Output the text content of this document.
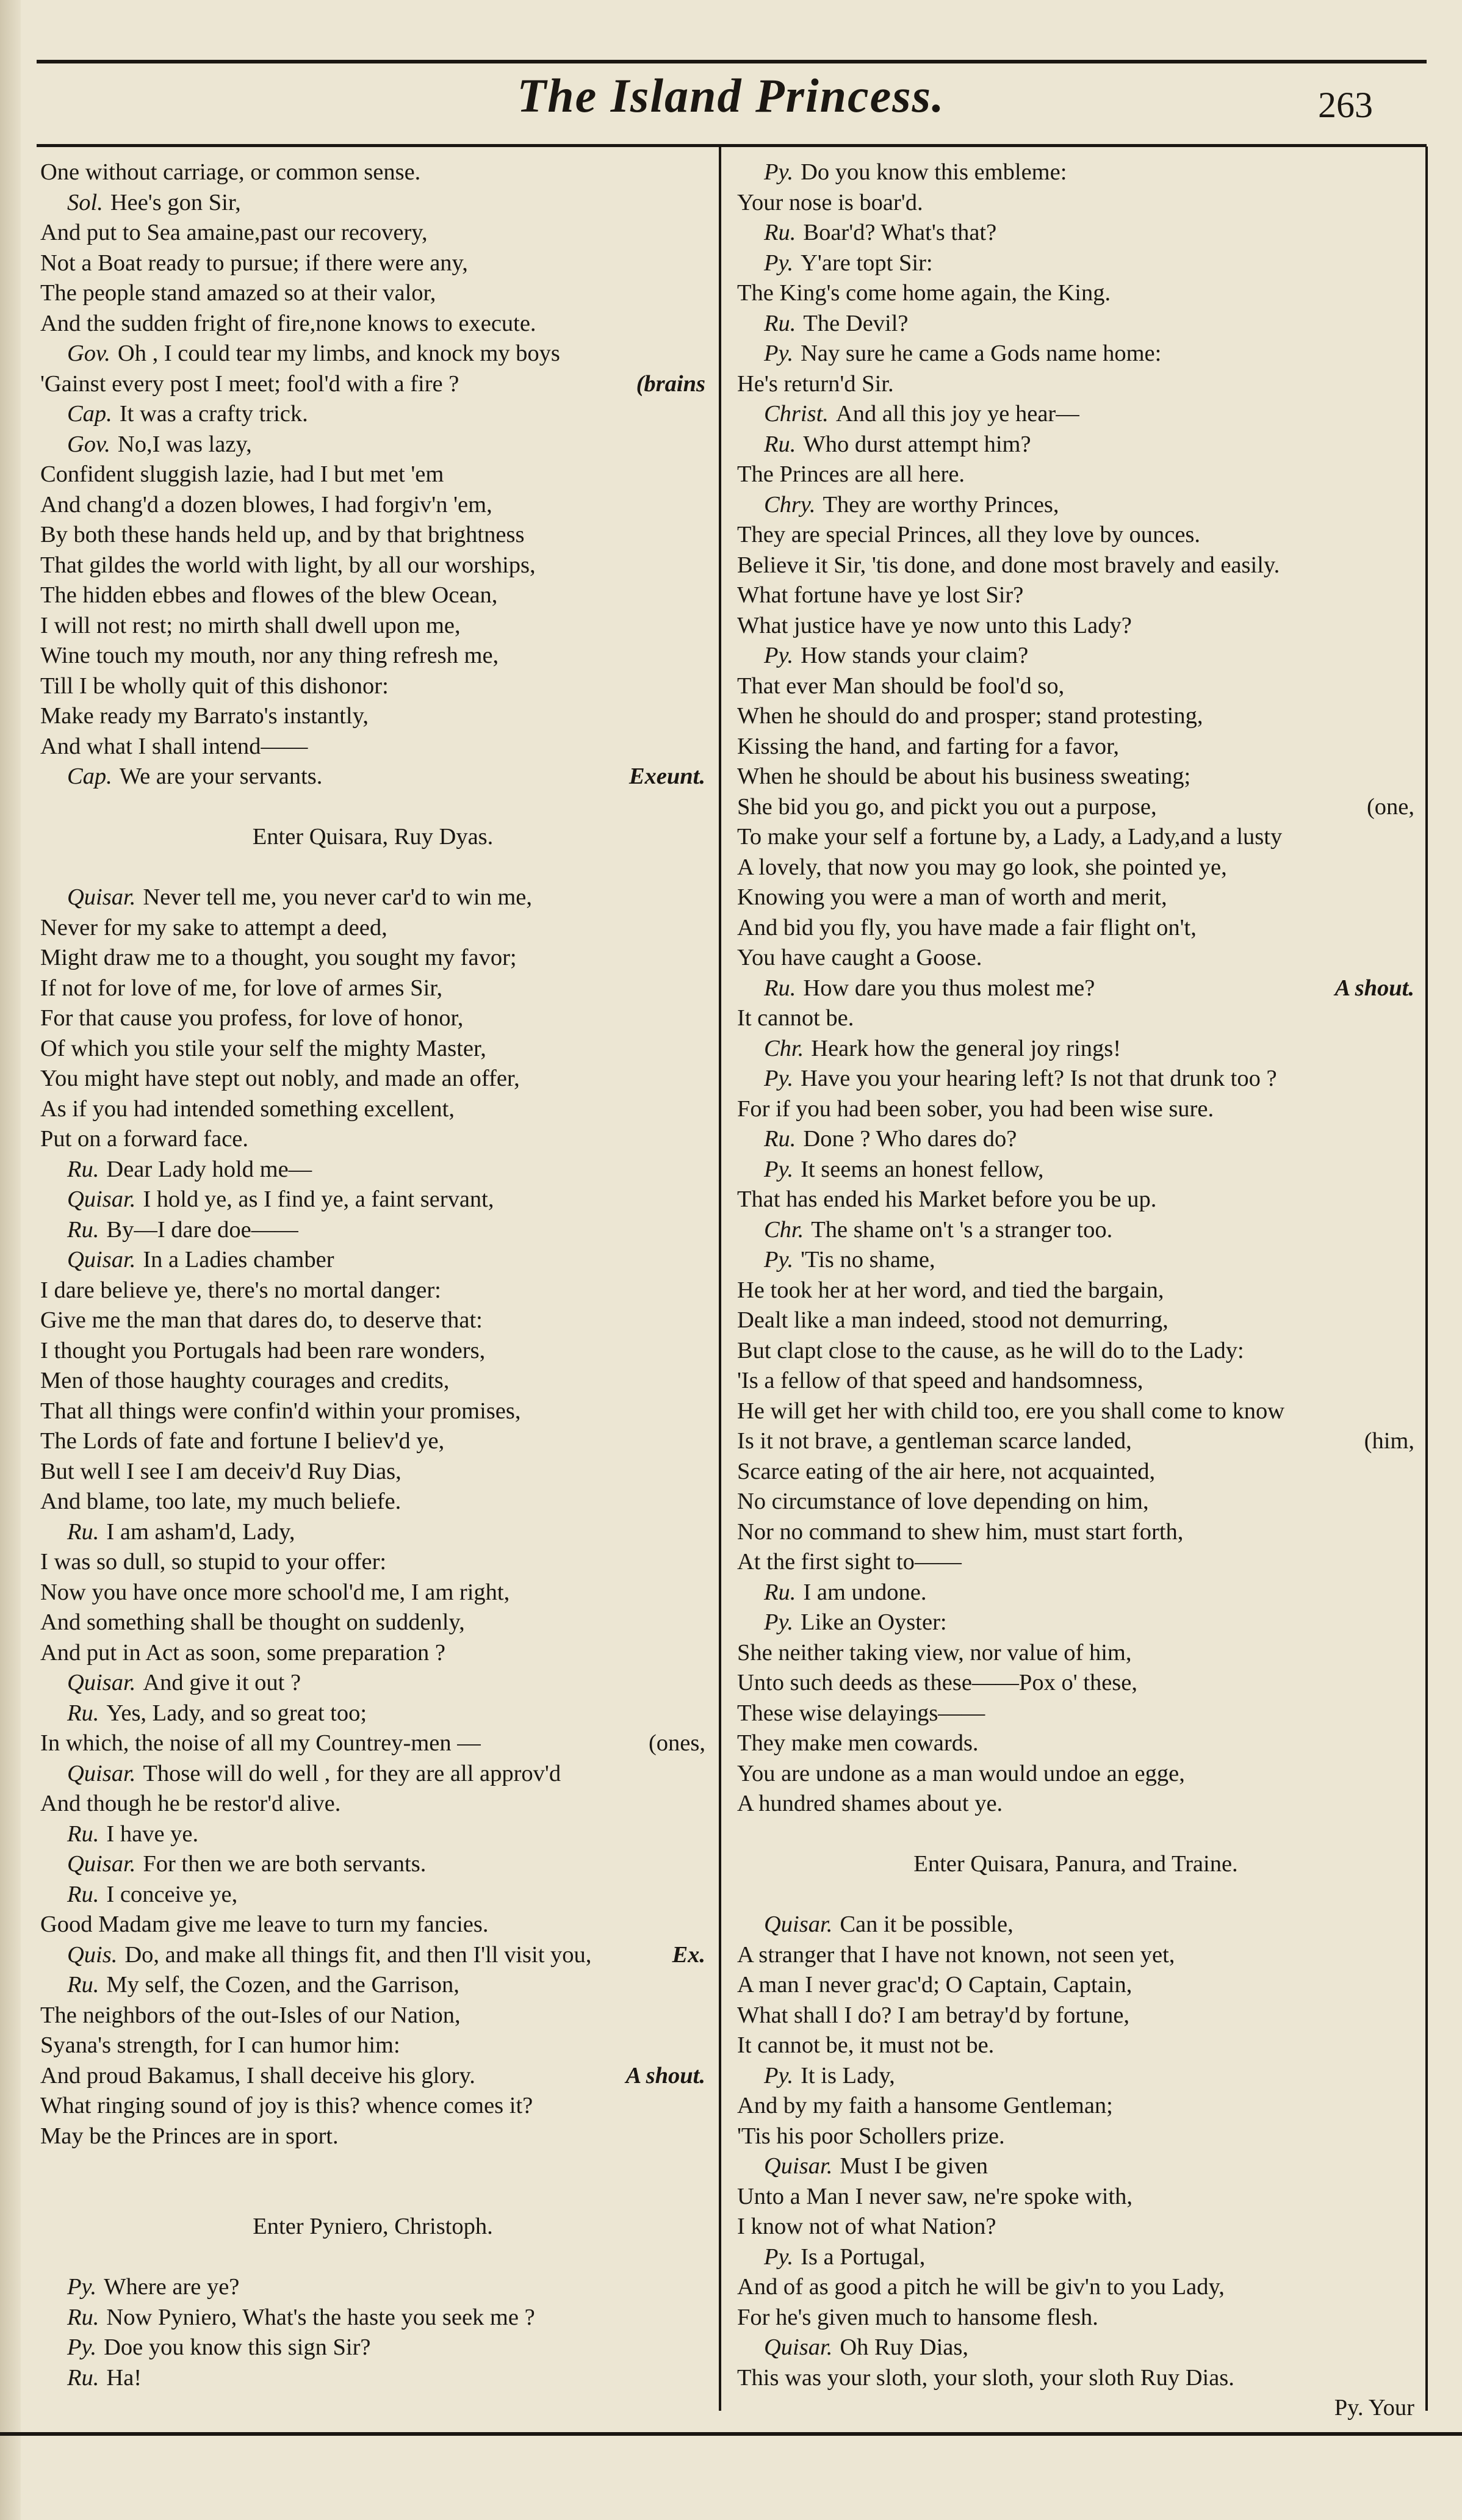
The Island Princess.	263
One without carriage, or common sense.
Sol. Hee's gon Sir,
And put to Sea amaine,past our recovery,
Not a Boat ready to pursue; if there were any,
The people stand amazed so at their valor,
And the sudden fright of fire,none knows to execute.
Gov. Oh , I could tear my limbs, and knock my boys
'Gainst every post I meet; fool'd with a fire ?	(brains
Cap. It was a crafty trick.
Gov. No,I was lazy,
Confident sluggish lazie, had I but met 'em
And chang'd a dozen blowes, I had forgiv'n 'em,
By both these hands held up, and by that brightness
That gildes the world with light, by all our worships,
The hidden ebbes and flowes of the blew Ocean,
I will not rest; no mirth shall dwell upon me,
Wine touch my mouth, nor any thing refresh me,
Till I be wholly quit of this dishonor:
Make ready my Barrato's instantly,
And what I shall intend——
Cap. We are your servants.	Exeunt.
Enter Quisara, Ruy Dyas.
Quisar. Never tell me, you never car'd to win me,
Never for my sake to attempt a deed,
Might draw me to a thought, you sought my favor;
If not for love of me, for love of armes Sir,
For that cause you profess, for love of honor,
Of which you stile your self the mighty Master,
You might have stept out nobly, and made an offer,
As if you had intended something excellent,
Put on a forward face.
Ru. Dear Lady hold me—
Quisar. I hold ye, as I find ye, a faint servant,
Ru. By—I dare doe——
Quisar. In a Ladies chamber
I dare believe ye, there's no mortal danger:
Give me the man that dares do, to deserve that:
I thought you Portugals had been rare wonders,
Men of those haughty courages and credits,
That all things were confin'd within your promises,
The Lords of fate and fortune I believ'd ye,
But well I see I am deceiv'd Ruy Dias,
And blame, too late, my much beliefe.
Ru. I am asham'd, Lady,
I was so dull, so stupid to your offer:
Now you have once more school'd me, I am right,
And something shall be thought on suddenly,
And put in Act as soon, some preparation ?
Quisar. And give it out ?
Ru. Yes, Lady, and so great too;
In which, the noise of all my Countrey-men —	(ones,
Quisar. Those will do well , for they are all approv'd
And though he be restor'd alive.
Ru. I have ye.
Quisar. For then we are both servants.
Ru. I conceive ye,
Good Madam give me leave to turn my fancies.
Quis. Do, and make all things fit, and then I'll visit you,	Ex.
Ru. My self, the Cozen, and the Garrison,
The neighbors of the out-Isles of our Nation,
Syana's strength, for I can humor him:
And proud Bakamus, I shall deceive his glory.	A shout.
What ringing sound of joy is this? whence comes it?
May be the Princes are in sport.
Enter Pyniero, Christoph.
Py. Where are ye?
Ru. Now Pyniero, What's the haste you seek me ?
Py. Doe you know this sign Sir?
Ru. Ha!
Py. Do you know this embleme:
Your nose is boar'd.
Ru. Boar'd? What's that?
Py. Y'are topt Sir:
The King's come home again, the King.
Ru. The Devil?
Py. Nay sure he came a Gods name home:
He's return'd Sir.
Christ. And all this joy ye hear—
Ru. Who durst attempt him?
The Princes are all here.
Chry. They are worthy Princes,
They are special Princes, all they love by ounces.
Believe it Sir, 'tis done, and done most bravely and easily.
What fortune have ye lost Sir?
What justice have ye now unto this Lady?
Py. How stands your claim?
That ever Man should be fool'd so,
When he should do and prosper; stand protesting,
Kissing the hand, and farting for a favor,
When he should be about his business sweating;
She bid you go, and pickt you out a purpose,	(one,
To make your self a fortune by, a Lady, a Lady,and a lusty
A lovely, that now you may go look, she pointed ye,
Knowing you were a man of worth and merit,
And bid you fly, you have made a fair flight on't,
You have caught a Goose.
Ru. How dare you thus molest me?	A shout.
It cannot be.
Chr. Heark how the general joy rings!
Py. Have you your hearing left? Is not that drunk too ?
For if you had been sober, you had been wise sure.
Ru. Done ? Who dares do?
Py. It seems an honest fellow,
That has ended his Market before you be up.
Chr. The shame on't 's a stranger too.
Py. 'Tis no shame,
He took her at her word, and tied the bargain,
Dealt like a man indeed, stood not demurring,
But clapt close to the cause, as he will do to the Lady:
'Is a fellow of that speed and handsomness,
He will get her with child too, ere you shall come to know
Is it not brave, a gentleman scarce landed,	(him,
Scarce eating of the air here, not acquainted,
No circumstance of love depending on him,
Nor no command to shew him, must start forth,
At the first sight to——
Ru. I am undone.
Py. Like an Oyster:
She neither taking view, nor value of him,
Unto such deeds as these——Pox o' these,
These wise delayings——
They make men cowards.
You are undone as a man would undoe an egge,
A hundred shames about ye.
Enter Quisara, Panura, and Traine.
Quisar. Can it be possible,
A stranger that I have not known, not seen yet,
A man I never grac'd; O Captain, Captain,
What shall I do? I am betray'd by fortune,
It cannot be, it must not be.
Py. It is Lady,
And by my faith a hansome Gentleman;
'Tis his poor Schollers prize.
Quisar. Must I be given
Unto a Man I never saw, ne're spoke with,
I know not of what Nation?
Py. Is a Portugal,
And of as good a pitch he will be giv'n to you Lady,
For he's given much to hansome flesh.
Quisar. Oh Ruy Dias,
This was your sloth, your sloth, your sloth Ruy Dias.
Py. Your
